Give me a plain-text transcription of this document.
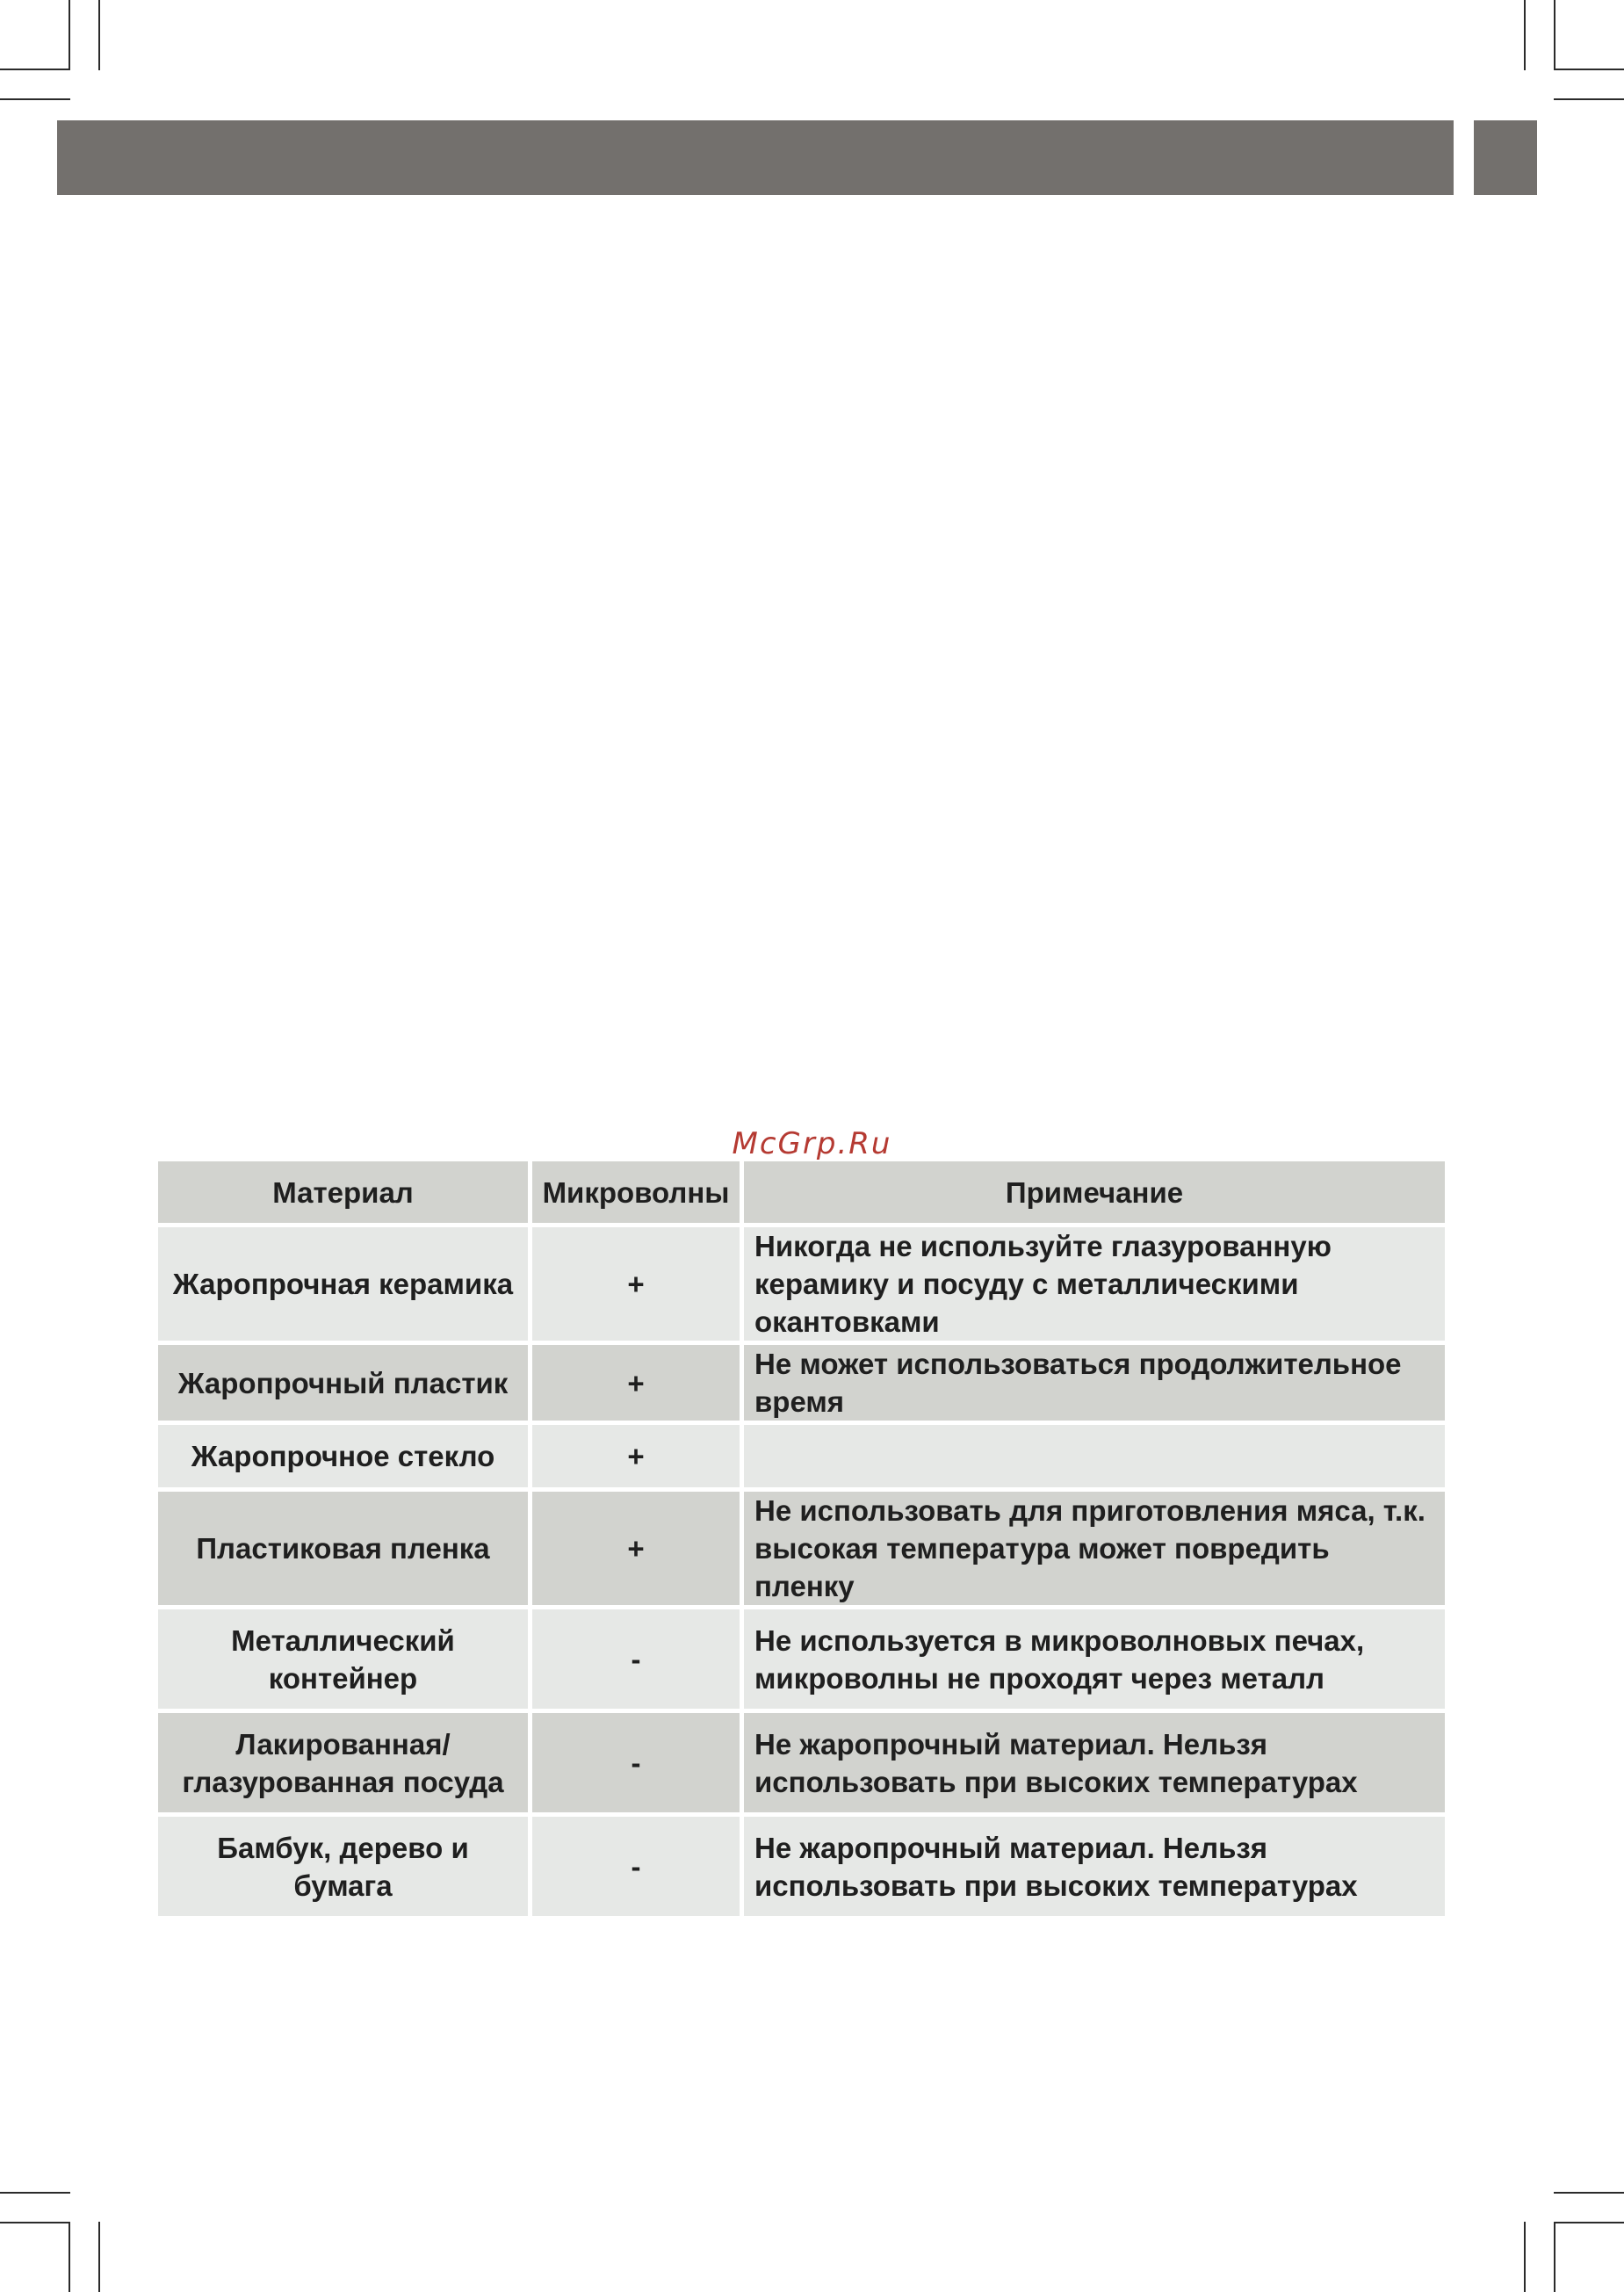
McGrp.Ru
Материал	Микроволны	Примечание
Жаропрочная керамика	+	Никогда не используйте глазурованную керамику и посуду с металлическими окантовками
Жаропрочный пластик	+	Не может использоваться продолжительное время
Жаропрочное стекло	+	
Пластиковая пленка	+	Не использовать для приготовления мяса, т.к. высокая температура может повредить пленку
Металлический контейнер	-	Не используется в микроволновых печах, микроволны не проходят через металл
Лакированная/ глазурованная посуда	-	Не жаропрочный материал. Нельзя использовать при высоких температурах
Бамбук, дерево и бумага	-	Не жаропрочный материал. Нельзя использовать при высоких температурах
